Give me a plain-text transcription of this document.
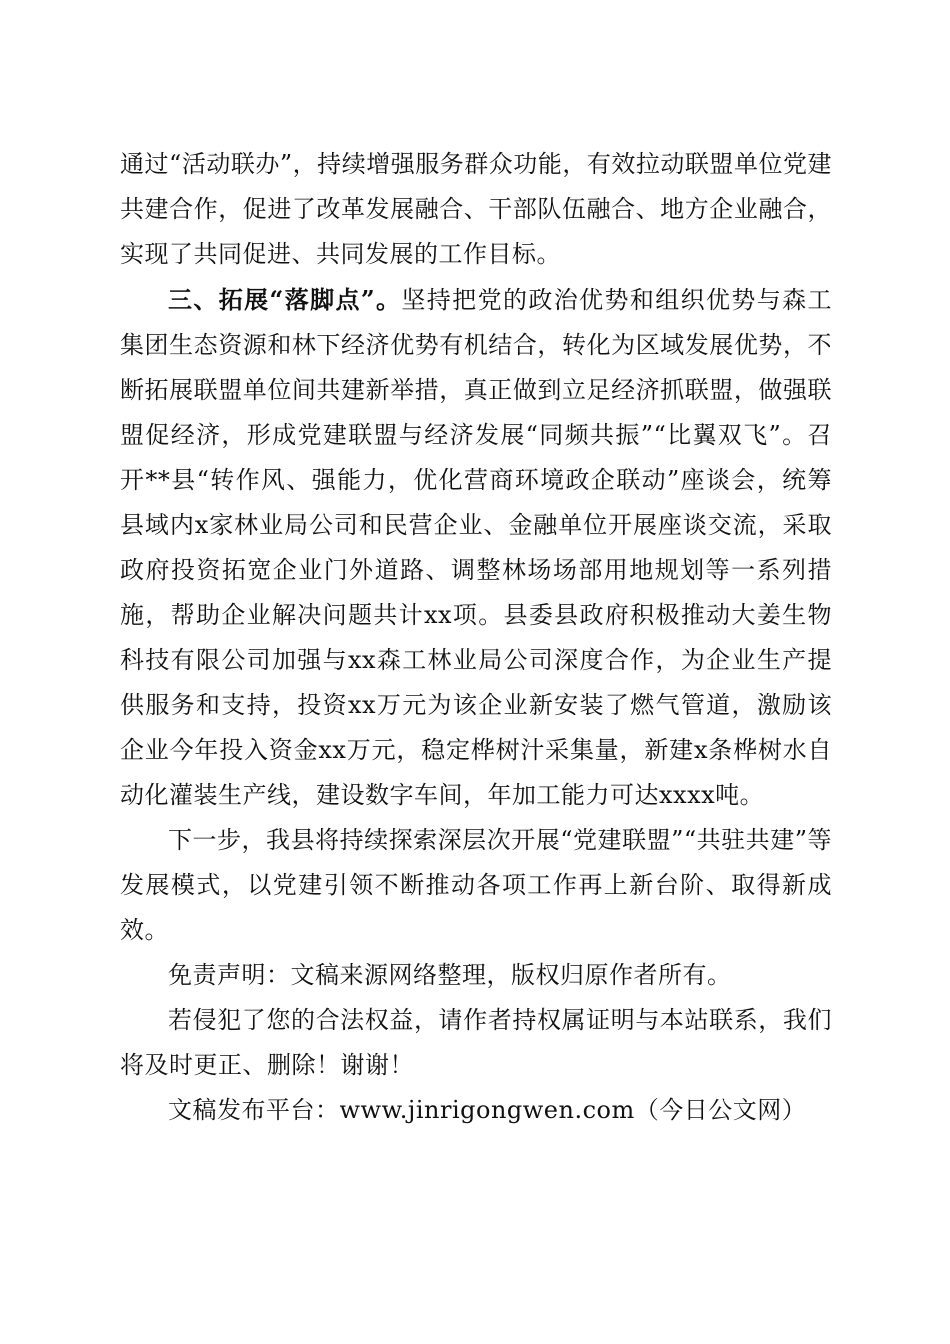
通过“活动联办”，持续增强服务群众功能，有效拉动联盟单位党建共建合作，促进了改革发展融合、干部队伍融合、地方企业融合，实现了共同促进、共同发展的工作目标。

三、拓展“落脚点”。坚持把党的政治优势和组织优势与森工集团生态资源和林下经济优势有机结合，转化为区域发展优势，不断拓展联盟单位间共建新举措，真正做到立足经济抓联盟，做强联盟促经济，形成党建联盟与经济发展“同频共振”“比翼双飞”。召开**县“转作风、强能力，优化营商环境政企联动”座谈会，统筹县域内x家林业局公司和民营企业、金融单位开展座谈交流，采取政府投资拓宽企业门外道路、调整林场场部用地规划等一系列措施，帮助企业解决问题共计xx项。县委县政府积极推动大姜生物科技有限公司加强与xx森工林业局公司深度合作，为企业生产提供服务和支持，投资xx万元为该企业新安装了燃气管道，激励该企业今年投入资金xx万元，稳定桦树汁采集量，新建x条桦树水自动化灌装生产线，建设数字车间，年加工能力可达xxxx吨。

下一步，我县将持续探索深层次开展“党建联盟”“共驻共建”等发展模式，以党建引领不断推动各项工作再上新台阶、取得新成效。

免责声明：文稿来源网络整理，版权归原作者所有。

若侵犯了您的合法权益，请作者持权属证明与本站联系，我们将及时更正、删除！谢谢！

文稿发布平台：www.jinrigongwen.com（今日公文网）
